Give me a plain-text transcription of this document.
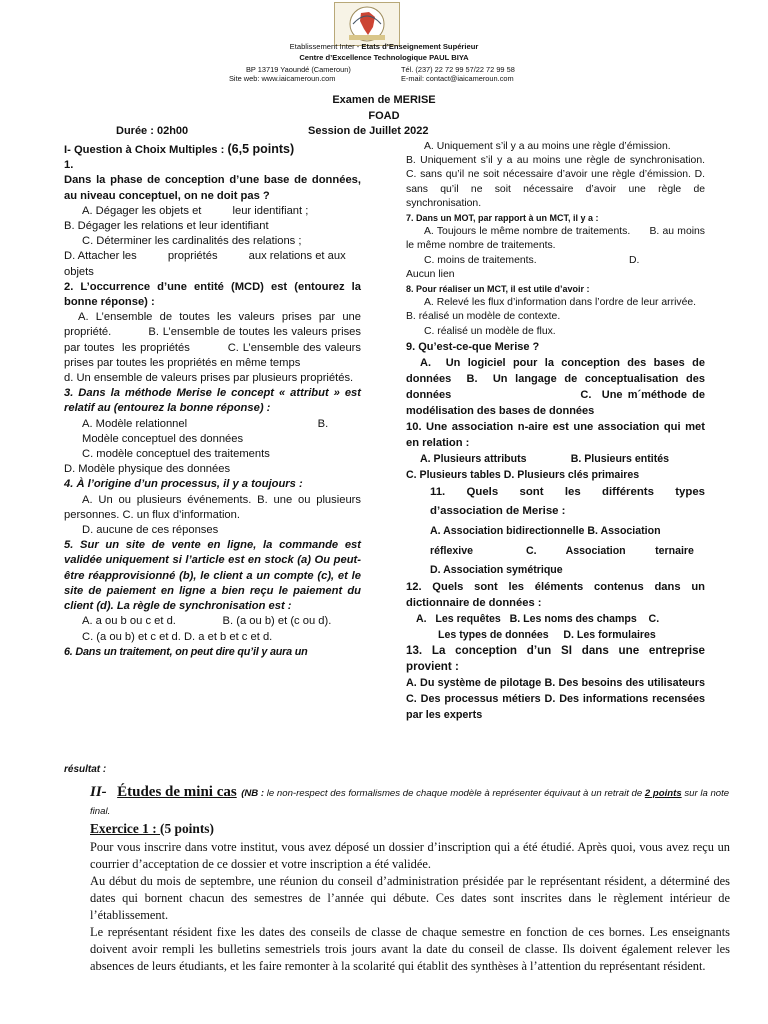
Etablissement Inter - Etats d’Enseignement Supérieur
Centre d’Excellence Technologique PAUL BIYA
BP 13719 Yaoundé (Cameroun)	Tél. (237) 22 72 99 57/22 72 99 58
Site web: www.iaicameroun.com	E-mail: contact@iaicameroun.com
Examen de MERISE
FOAD
Durée : 02h00	Session de Juillet 2022

I- Question à Choix Multiples : (6,5 points)

1.

Dans la phase de conception d’une base de données, au niveau conceptuel, on ne doit pas ?

A. Dégager les objets et          leur identifiant ;

B. Dégager les relations et leur identifiant

C. Déterminer les cardinalités des relations ;

D. Attacher les          propriétés          aux relations et aux objets

2. L’occurrence d’une entité (MCD) est (entourez la bonne réponse) :

A. L’ensemble de toutes les valeurs prises par une propriété.          B. L’ensemble de toutes les valeurs prises par toutes  les propriétés          C. L’ensemble des valeurs prises par toutes les propriétés en même temps

d. Un ensemble de valeurs prises par plusieurs propriétés.

3. Dans la méthode Merise le concept « attribut » est relatif au (entourez la bonne réponse) :

A. Modèle relationnel                                          B. Modèle conceptuel des données

C. modèle conceptuel des traitements

D. Modèle physique des données

4. À l’origine d’un processus, il y a toujours :

A. Un ou plusieurs événements. B. une ou plusieurs personnes. C. un flux d’information.

D. aucune de ces réponses

5. Sur un site de vente en ligne, la commande est validée uniquement si l’article est en stock (a) Ou peut-être réapprovisionné (b), le client a un compte (c), et le site de paiement en ligne a bien reçu le paiement du client (d). La règle de synchronisation est :

A. a ou b ou c et d.               B. (a ou b) et (c ou d).

C. (a ou b) et c et d. D. a et b et c et d.

6. Dans un traitement, on peut dire qu’il y aura un

résultat :

A. Uniquement s’il y a au moins une règle d’émission.

B. Uniquement s’il y a au moins une règle de synchronisation.                C. sans qu’il ne soit nécessaire d’avoir une règle d’émission. D. sans qu’il ne soit nécessaire d’avoir une règle de synchronisation.

7. Dans un MOT, par rapport à un MCT, il y a :

A. Toujours le même nombre de traitements.      B. au moins le même nombre de traitements.

C. moins de traitements.                                D.

Aucun lien

8. Pour réaliser un MCT, il est utile d’avoir :

A. Relevé les flux d’information dans l’ordre de leur arrivée. B. réalisé un modèle de contexte.

C. réalisé un modèle de flux.

9. Qu’est-ce-que Merise ?

A.  Un logiciel pour la conception des bases de données  B.  Un langage de conceptualisation des données                         C.  Une m´méthode de modélisation des bases de données

10. Une association n-aire est une association qui met en relation :

A. Plusieurs attributs               B. Plusieurs entités

C. Plusieurs tables D. Plusieurs clés primaires

11.   Quels   sont   les   différents   types d’association de Merise :

A. Association bidirectionnelle B. Association

réflexive                  C.          Association          ternaire

D. Association symétrique

12. Quels sont les éléments contenus dans un dictionnaire de données :

A.   Les requêtes   B. Les noms des champs    C.

Les types de données     D. Les formulaires

13. La conception d’un SI dans une entreprise provient :

A. Du système de pilotage B. Des besoins des utilisateurs C. Des processus métiers D. Des informations recensées par les experts

II- Études de mini cas (NB : le non-respect des formalismes de chaque modèle à représenter équivaut à un retrait de 2 points sur la note final.
Exercice 1 : (5 points)

Pour vous inscrire dans votre institut, vous avez déposé un dossier d’inscription qui a été étudié. Après quoi, vous avez reçu un courrier d’acceptation de ce dossier et votre inscription a été validée.

Au début du mois de septembre, une réunion du conseil d’administration présidée par le représentant résident, a déterminé des dates qui bornent chacun des semestres de l’année qui débute. Ces dates sont inscrites dans le règlement intérieur de l’établissement.

Le représentant résident fixe les dates des conseils de classe de chaque semestre en fonction de ces bornes. Les enseignants doivent avoir rempli les bulletins semestriels trois jours avant la date du conseil de classe. Ils doivent également relever les absences de leurs étudiants, et les faire remonter à la scolarité qui établit des synthèses à l’attention du représentant résident.
